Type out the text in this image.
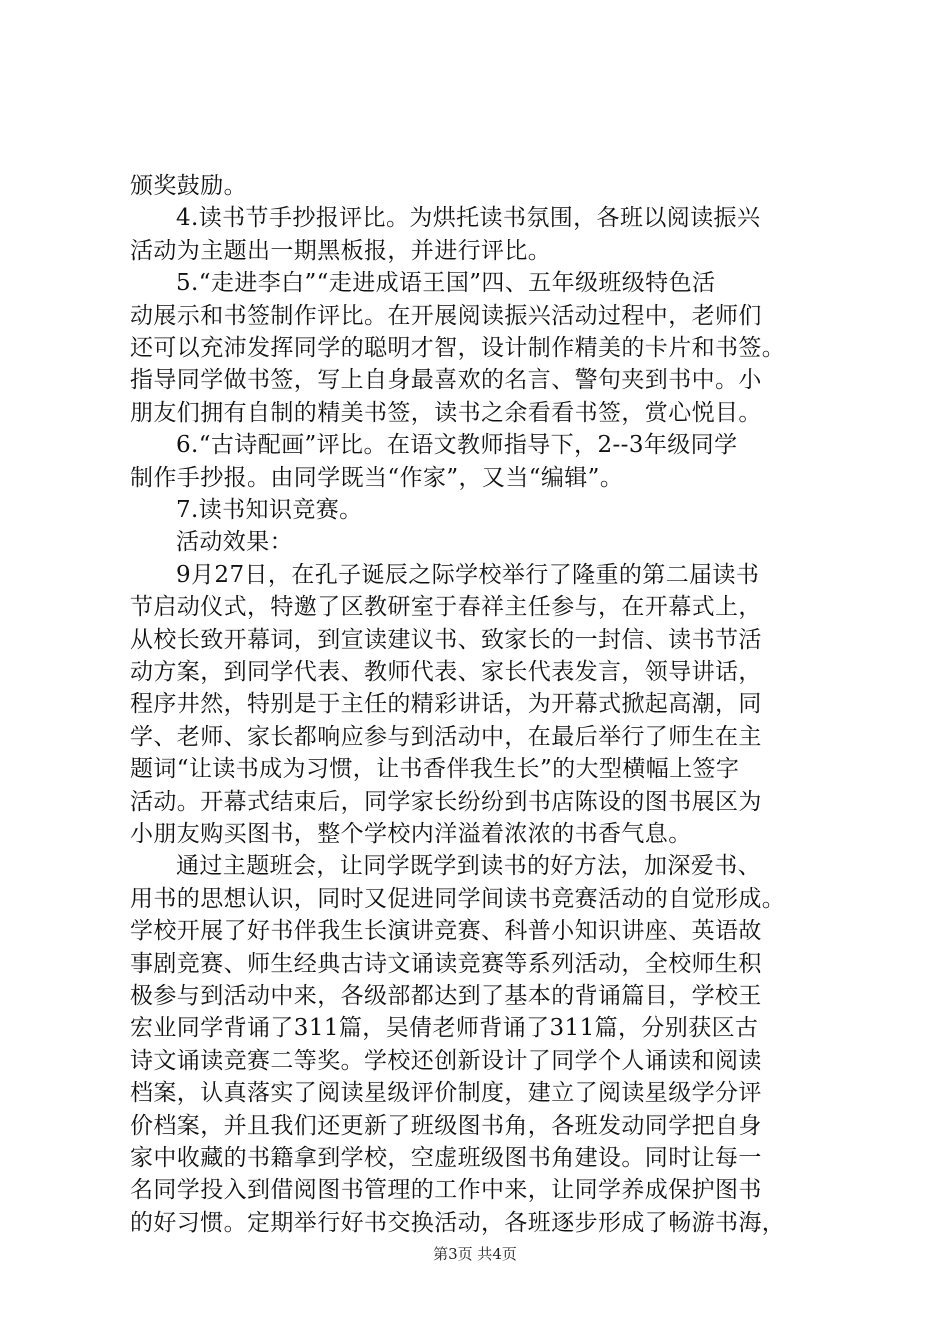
颁奖鼓励。
4.读书节手抄报评比。为烘托读书氛围，各班以阅读振兴
活动为主题出一期黑板报，并进行评比。
5.“走进李白”“走进成语王国”四、五年级班级特色活
动展示和书签制作评比。在开展阅读振兴活动过程中，老师们
还可以充沛发挥同学的聪明才智，设计制作精美的卡片和书签。
指导同学做书签，写上自身最喜欢的名言、警句夹到书中。小
朋友们拥有自制的精美书签，读书之余看看书签，赏心悦目。
6.“古诗配画”评比。在语文教师指导下，2--3年级同学
制作手抄报。由同学既当“作家”，又当“编辑”。
7.读书知识竞赛。
活动效果：
9月27日，在孔子诞辰之际学校举行了隆重的第二届读书
节启动仪式，特邀了区教研室于春祥主任参与，在开幕式上，
从校长致开幕词，到宣读建议书、致家长的一封信、读书节活
动方案，到同学代表、教师代表、家长代表发言，领导讲话，
程序井然，特别是于主任的精彩讲话，为开幕式掀起高潮，同
学、老师、家长都响应参与到活动中，在最后举行了师生在主
题词“让读书成为习惯，让书香伴我生长”的大型横幅上签字
活动。开幕式结束后，同学家长纷纷到书店陈设的图书展区为
小朋友购买图书，整个学校内洋溢着浓浓的书香气息。
通过主题班会，让同学既学到读书的好方法，加深爱书、
用书的思想认识，同时又促进同学间读书竞赛活动的自觉形成。
学校开展了好书伴我生长演讲竞赛、科普小知识讲座、英语故
事剧竞赛、师生经典古诗文诵读竞赛等系列活动，全校师生积
极参与到活动中来，各级部都达到了基本的背诵篇目，学校王
宏业同学背诵了311篇，吴倩老师背诵了311篇，分别获区古
诗文诵读竞赛二等奖。学校还创新设计了同学个人诵读和阅读
档案，认真落实了阅读星级评价制度，建立了阅读星级学分评
价档案，并且我们还更新了班级图书角，各班发动同学把自身
家中收藏的书籍拿到学校，空虚班级图书角建设。同时让每一
名同学投入到借阅图书管理的工作中来，让同学养成保护图书
的好习惯。定期举行好书交换活动，各班逐步形成了畅游书海，
第3页 共4页
